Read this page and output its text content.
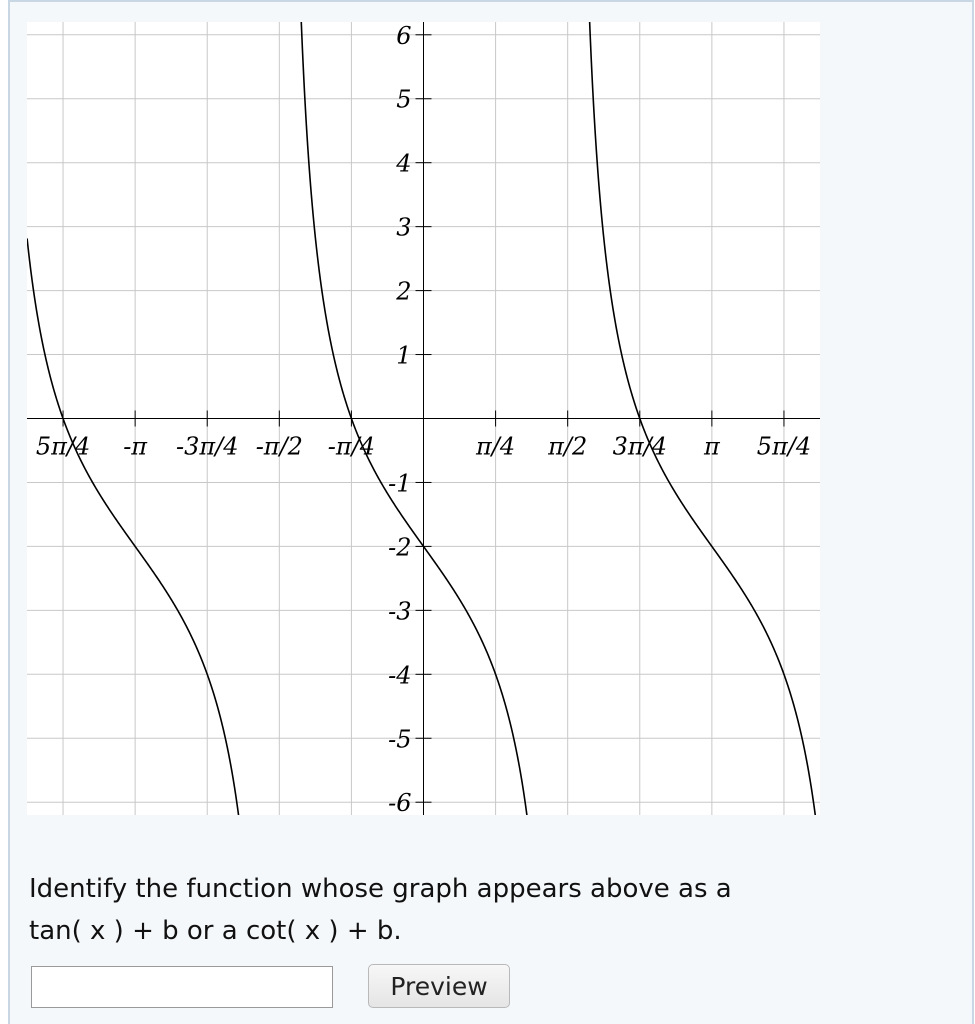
5π/4 -π -3π/4 -π/2 -π/4	π/4 π/2 3π/4 π 5π/4
6
5
4
3
2
1
-1
-2
-3
-4
-5
-6
Identify the function whose graph appears above as a tan( x ) + b or a cot( x ) + b.
Preview
